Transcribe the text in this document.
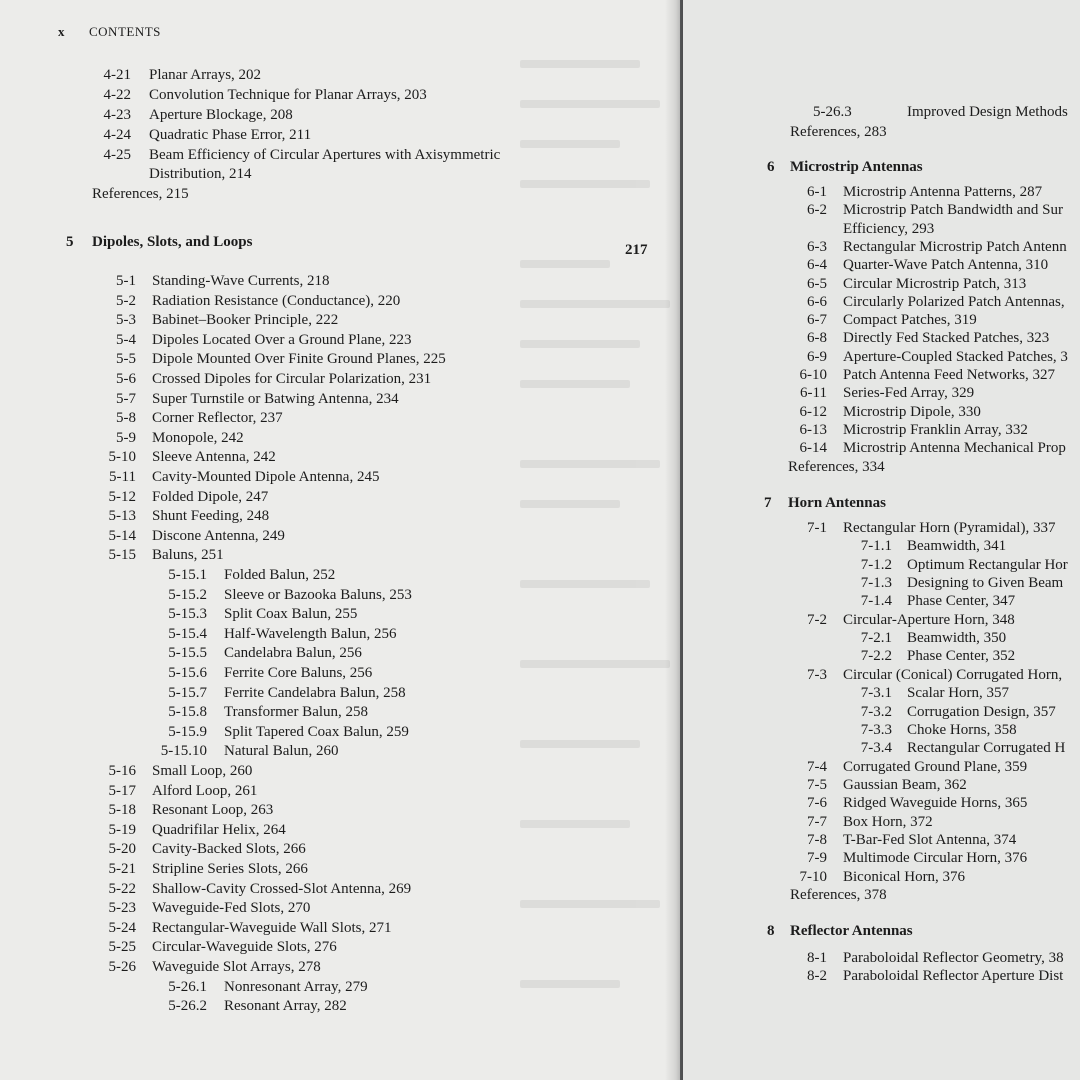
x CONTENTS
4-21 Planar Arrays, 202
4-22 Convolution Technique for Planar Arrays, 203
4-23 Aperture Blockage, 208
4-24 Quadratic Phase Error, 211
4-25 Beam Efficiency of Circular Apertures with Axisymmetric
Distribution, 214
References, 215
5 Dipoles, Slots, and Loops	217
5-1 Standing-Wave Currents, 218
5-2 Radiation Resistance (Conductance), 220
5-3 Babinet–Booker Principle, 222
5-4 Dipoles Located Over a Ground Plane, 223
5-5 Dipole Mounted Over Finite Ground Planes, 225
5-6 Crossed Dipoles for Circular Polarization, 231
5-7 Super Turnstile or Batwing Antenna, 234
5-8 Corner Reflector, 237
5-9 Monopole, 242
5-10 Sleeve Antenna, 242
5-11 Cavity-Mounted Dipole Antenna, 245
5-12 Folded Dipole, 247
5-13 Shunt Feeding, 248
5-14 Discone Antenna, 249
5-15 Baluns, 251
5-15.1 Folded Balun, 252
5-15.2 Sleeve or Bazooka Baluns, 253
5-15.3 Split Coax Balun, 255
5-15.4 Half-Wavelength Balun, 256
5-15.5 Candelabra Balun, 256
5-15.6 Ferrite Core Baluns, 256
5-15.7 Ferrite Candelabra Balun, 258
5-15.8 Transformer Balun, 258
5-15.9 Split Tapered Coax Balun, 259
5-15.10 Natural Balun, 260
5-16 Small Loop, 260
5-17 Alford Loop, 261
5-18 Resonant Loop, 263
5-19 Quadrifilar Helix, 264
5-20 Cavity-Backed Slots, 266
5-21 Stripline Series Slots, 266
5-22 Shallow-Cavity Crossed-Slot Antenna, 269
5-23 Waveguide-Fed Slots, 270
5-24 Rectangular-Waveguide Wall Slots, 271
5-25 Circular-Waveguide Slots, 276
5-26 Waveguide Slot Arrays, 278
5-26.1 Nonresonant Array, 279
5-26.2 Resonant Array, 282
5-26.3	Improved Design Methods
References, 283
6 Microstrip Antennas
6-1 Microstrip Antenna Patterns, 287
6-2 Microstrip Patch Bandwidth and Sur
Efficiency, 293
6-3 Rectangular Microstrip Patch Antenn
6-4 Quarter-Wave Patch Antenna, 310
6-5 Circular Microstrip Patch, 313
6-6 Circularly Polarized Patch Antennas,
6-7 Compact Patches, 319
6-8 Directly Fed Stacked Patches, 323
6-9 Aperture-Coupled Stacked Patches, 3
6-10 Patch Antenna Feed Networks, 327
6-11 Series-Fed Array, 329
6-12 Microstrip Dipole, 330
6-13 Microstrip Franklin Array, 332
6-14 Microstrip Antenna Mechanical Prop
References, 334
7 Horn Antennas
7-1 Rectangular Horn (Pyramidal), 337
7-1.1 Beamwidth, 341
7-1.2 Optimum Rectangular Hor
7-1.3 Designing to Given Beam
7-1.4 Phase Center, 347
7-2 Circular-Aperture Horn, 348
7-2.1 Beamwidth, 350
7-2.2 Phase Center, 352
7-3 Circular (Conical) Corrugated Horn,
7-3.1 Scalar Horn, 357
7-3.2 Corrugation Design, 357
7-3.3 Choke Horns, 358
7-3.4 Rectangular Corrugated H
7-4 Corrugated Ground Plane, 359
7-5 Gaussian Beam, 362
7-6 Ridged Waveguide Horns, 365
7-7 Box Horn, 372
7-8 T-Bar-Fed Slot Antenna, 374
7-9 Multimode Circular Horn, 376
7-10 Biconical Horn, 376
References, 378
8 Reflector Antennas
8-1 Paraboloidal Reflector Geometry, 38
8-2 Paraboloidal Reflector Aperture Dist
